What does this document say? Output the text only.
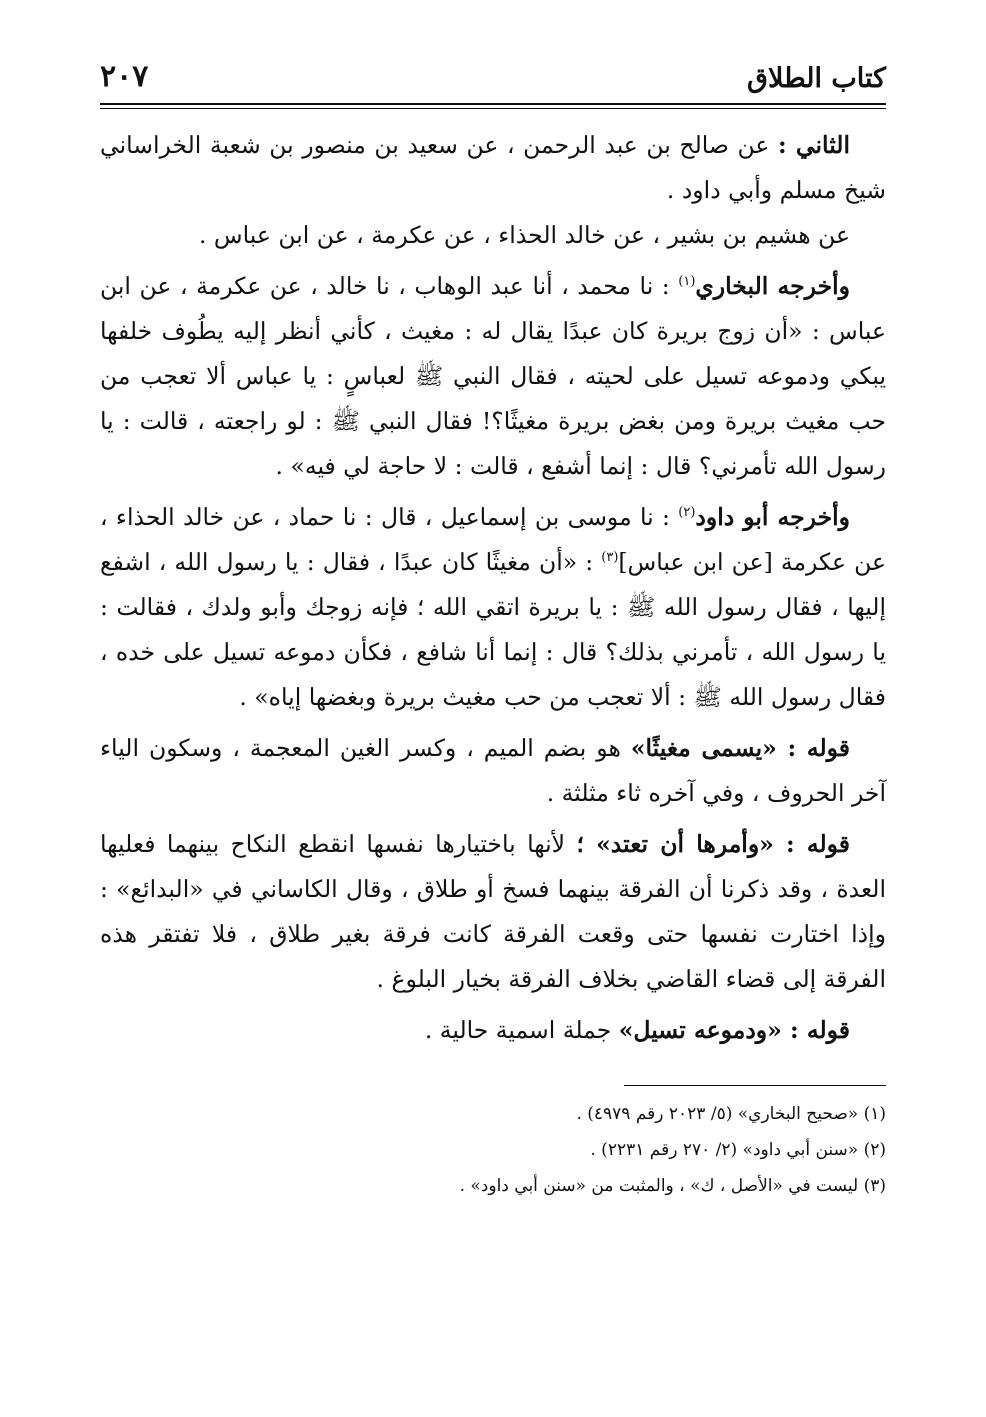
كتاب الطلاق
٢٠٧

الثاني : عن صالح بن عبد الرحمن ، عن سعيد بن منصور بن شعبة الخراساني شيخ مسلم وأبي داود .

عن هشيم بن بشير ، عن خالد الحذاء ، عن عكرمة ، عن ابن عباس .

وأخرجه البخاري$^{(١)}$ : نا محمد ، أنا عبد الوهاب ، نا خالد ، عن عكرمة ، عن ابن عباس : «أن زوج بريرة كان عبدًا يقال له : مغيث ، كأني أنظر إليه يطُوف خلفها يبكي ودموعه تسيل على لحيته ، فقال النبي ﷺ لعباسٍ : يا عباس ألا تعجب من حب مغيث بريرة ومن بغض بريرة مغيثًا؟! فقال النبي ﷺ : لو راجعته ، قالت : يا رسول الله تأمرني؟ قال : إنما أشفع ، قالت : لا حاجة لي فيه» .

وأخرجه أبو داود$^{(٢)}$ : نا موسى بن إسماعيل ، قال : نا حماد ، عن خالد الحذاء ، عن عكرمة [عن ابن عباس]$^{(٣)}$ : «أن مغيثًا كان عبدًا ، فقال : يا رسول الله ، اشفع إليها ، فقال رسول الله ﷺ : يا بريرة اتقي الله ؛ فإنه زوجك وأبو ولدك ، فقالت : يا رسول الله ، تأمرني بذلك؟ قال : إنما أنا شافع ، فكأن دموعه تسيل على خده ، فقال رسول الله ﷺ : ألا تعجب من حب مغيث بريرة وبغضها إياه» .

قوله : «يسمى مغيثًا» هو بضم الميم ، وكسر الغين المعجمة ، وسكون الياء آخر الحروف ، وفي آخره ثاء مثلثة .

قوله : «وأمرها أن تعتد» ؛ لأنها باختيارها نفسها انقطع النكاح بينهما فعليها العدة ، وقد ذكرنا أن الفرقة بينهما فسخ أو طلاق ، وقال الكاساني في «البدائع» : وإذا اختارت نفسها حتى وقعت الفرقة كانت فرقة بغير طلاق ، فلا تفتقر هذه الفرقة إلى قضاء القاضي بخلاف الفرقة بخيار البلوغ .

قوله : «ودموعه تسيل» جملة اسمية حالية .

(١) «صحيح البخاري» (٥/ ٢٠٢٣ رقم ٤٩٧٩) .
(٢) «سنن أبي داود» (٢/ ٢٧٠ رقم ٢٢٣١) .
(٣) ليست في «الأصل ، ك» ، والمثبت من «سنن أبي داود» .
